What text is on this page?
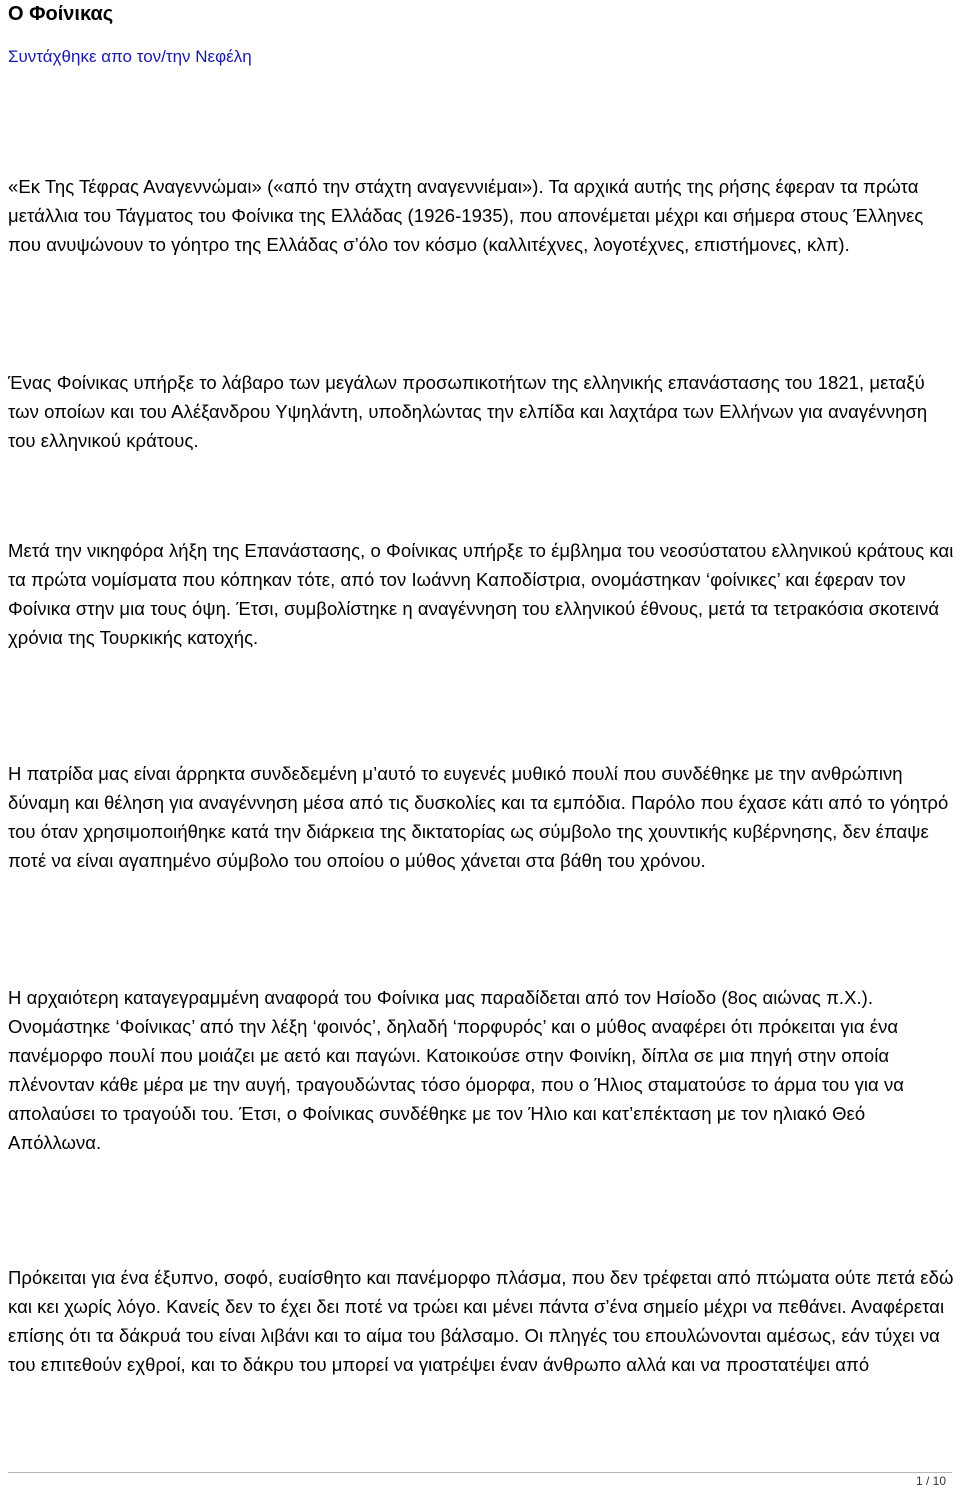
Ο Φοίνικας
Συντάχθηκε απο τον/την Νεφέλη

«Εκ Της Τέφρας Αναγεννώμαι» («από την στάχτη αναγεννιέμαι»). Τα αρχικά αυτής της ρήσης έφεραν τα πρώτα μετάλλια του Τάγματος του Φοίνικα της Ελλάδας (1926-1935), που απονέμεται μέχρι και σήμερα στους Έλληνες που ανυψώνουν το γόητρο της Ελλάδας σ’όλο τον κόσμο (καλλιτέχνες, λογοτέχνες, επιστήμονες, κλπ).

Ένας Φοίνικας υπήρξε το λάβαρο των μεγάλων προσωπικοτήτων της ελληνικής επανάστασης του 1821, μεταξύ των οποίων και του Αλέξανδρου Υψηλάντη, υποδηλώντας την ελπίδα και λαχτάρα των Ελλήνων για αναγέννηση του ελληνικού κράτους.

Μετά την νικηφόρα λήξη της Επανάστασης, ο Φοίνικας υπήρξε το έμβλημα του νεοσύστατου ελληνικού κράτους και τα πρώτα νομίσματα που κόπηκαν τότε, από τον Ιωάννη Καποδίστρια, ονομάστηκαν ‘φοίνικες’ και έφεραν τον Φοίνικα στην μια τους όψη. Έτσι, συμβολίστηκε η αναγέννηση του ελληνικού έθνους, μετά τα τετρακόσια σκοτεινά χρόνια της Τουρκικής κατοχής.

Η πατρίδα μας είναι άρρηκτα συνδεδεμένη μ’αυτό το ευγενές μυθικό πουλί που συνδέθηκε με την ανθρώπινη δύναμη και θέληση για αναγέννηση μέσα από τις δυσκολίες και τα εμπόδια. Παρόλο που έχασε κάτι από το γόητρό του όταν χρησιμοποιήθηκε κατά την διάρκεια της δικτατορίας ως σύμβολο της χουντικής κυβέρνησης, δεν έπαψε ποτέ να είναι αγαπημένο σύμβολο του οποίου ο μύθος χάνεται στα βάθη του χρόνου.

Η αρχαιότερη καταγεγραμμένη αναφορά του Φοίνικα μας παραδίδεται από τον Ησίοδο (8ος αιώνας π.Χ.). Ονομάστηκε ‘Φοίνικας’ από την λέξη ‘φοινός’, δηλαδή ‘πορφυρός’ και ο μύθος αναφέρει ότι πρόκειται για ένα πανέμορφο πουλί που μοιάζει με αετό και παγώνι. Κατοικούσε στην Φοινίκη, δίπλα σε μια πηγή στην οποία πλένονταν κάθε μέρα με την αυγή, τραγουδώντας τόσο όμορφα, που ο Ήλιος σταματούσε το άρμα του για να απολαύσει το τραγούδι του. Έτσι, ο Φοίνικας συνδέθηκε με τον Ήλιο και κατ’επέκταση με τον ηλιακό Θεό Απόλλωνα.

Πρόκειται για ένα έξυπνο, σοφό, ευαίσθητο και πανέμορφο πλάσμα, που δεν τρέφεται από πτώματα ούτε πετά εδώ και κει χωρίς λόγο. Κανείς δεν το έχει δει ποτέ να τρώει και μένει πάντα σ’ένα σημείο μέχρι να πεθάνει. Αναφέρεται επίσης ότι τα δάκρυά του είναι λιβάνι και το αίμα του βάλσαμο. Οι πληγές του επουλώνονται αμέσως, εάν τύχει να του επιτεθούν εχθροί, και το δάκρυ του μπορεί να γιατρέψει έναν άνθρωπο αλλά και να προστατέψει από

1 / 10
